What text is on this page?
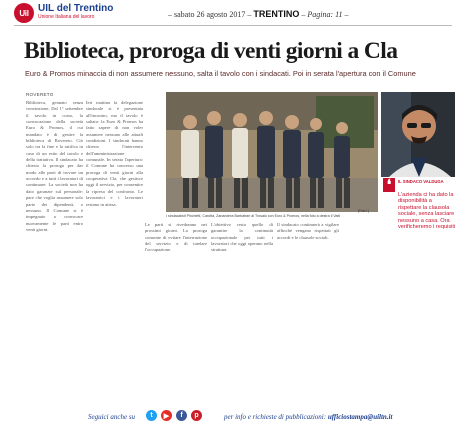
Uil UIL del Trentino
Unione Italiana del lavoro	– sabato 26 agosto 2017 – TRENTINO – Pagina: 11 –
Biblioteca, proroga di venti giorni a Cla

Euro & Promos minaccia di non assumere nessuno, salta il tavolo con i sindacati. Poi in serata l'apertura con il Comune

ROVERETO
Biblioteca, gennaio senza convinzione, Dal 1° settembre il tavolo in corso, la convocazione della società Euro & Promos, il cui mandato è di gestire la biblioteca di Rovereto. Ciò solo tra la fine e la ratifica in caso di un esito del tavolo e della trattativa. Il sindacato ha chiesto la proroga per dar modo alle parti di trovare un accordo e a tutti i lavoratori di continuare. La società non ha dato garanzie sul personale: pare che voglia assumere solo parte dei dipendenti, o nessuno. Il Comune si è impegnato a convocare nuovamente le parti entro venti giorni.
Ieri mattina la delegazione sindacale si è presentata all'incontro, ma il tavolo è saltato: la Euro & Promos ha fatto sapere di non voler assumere nessuno alle attuali condizioni. I sindacati hanno chiesto l'intervento dell'amministrazione comunale. In serata l'apertura: il Comune ha concesso una proroga di venti giorni alla cooperativa Cla, che gestisce oggi il servizio, per consentire la ripresa del confronto. Le lavoratrici e i lavoratori restano in attesa.
❛	IL SINDACO VALDUGA
L'azienda ci ha dato la disponibilità a rispettare la clausola sociale, senza lasciare nessuno a casa. Ora verificheremo i requisiti
I sindacalisti Pinchetti, Carotta, Zanandrea Barbatrari al Trosalo con Euro & Promos, nella foto a destra Il Vaiti
(Foto I.)
Le parti si rivedranno nei prossimi giorni. La proroga consente di evitare l'interruzione del servizio e di tutelare l'occupazione.
L'obiettivo resta quello di garantire la continuità occupazionale per tutti i lavoratori che oggi operano nella struttura.
Il sindacato continuerà a vigilare affinché vengano rispettati gli accordi e le clausole sociali.
Seguici anche su	t	▶	f	p	per info e richieste di pubblicazioni: ufficiostampa@uiltn.it
